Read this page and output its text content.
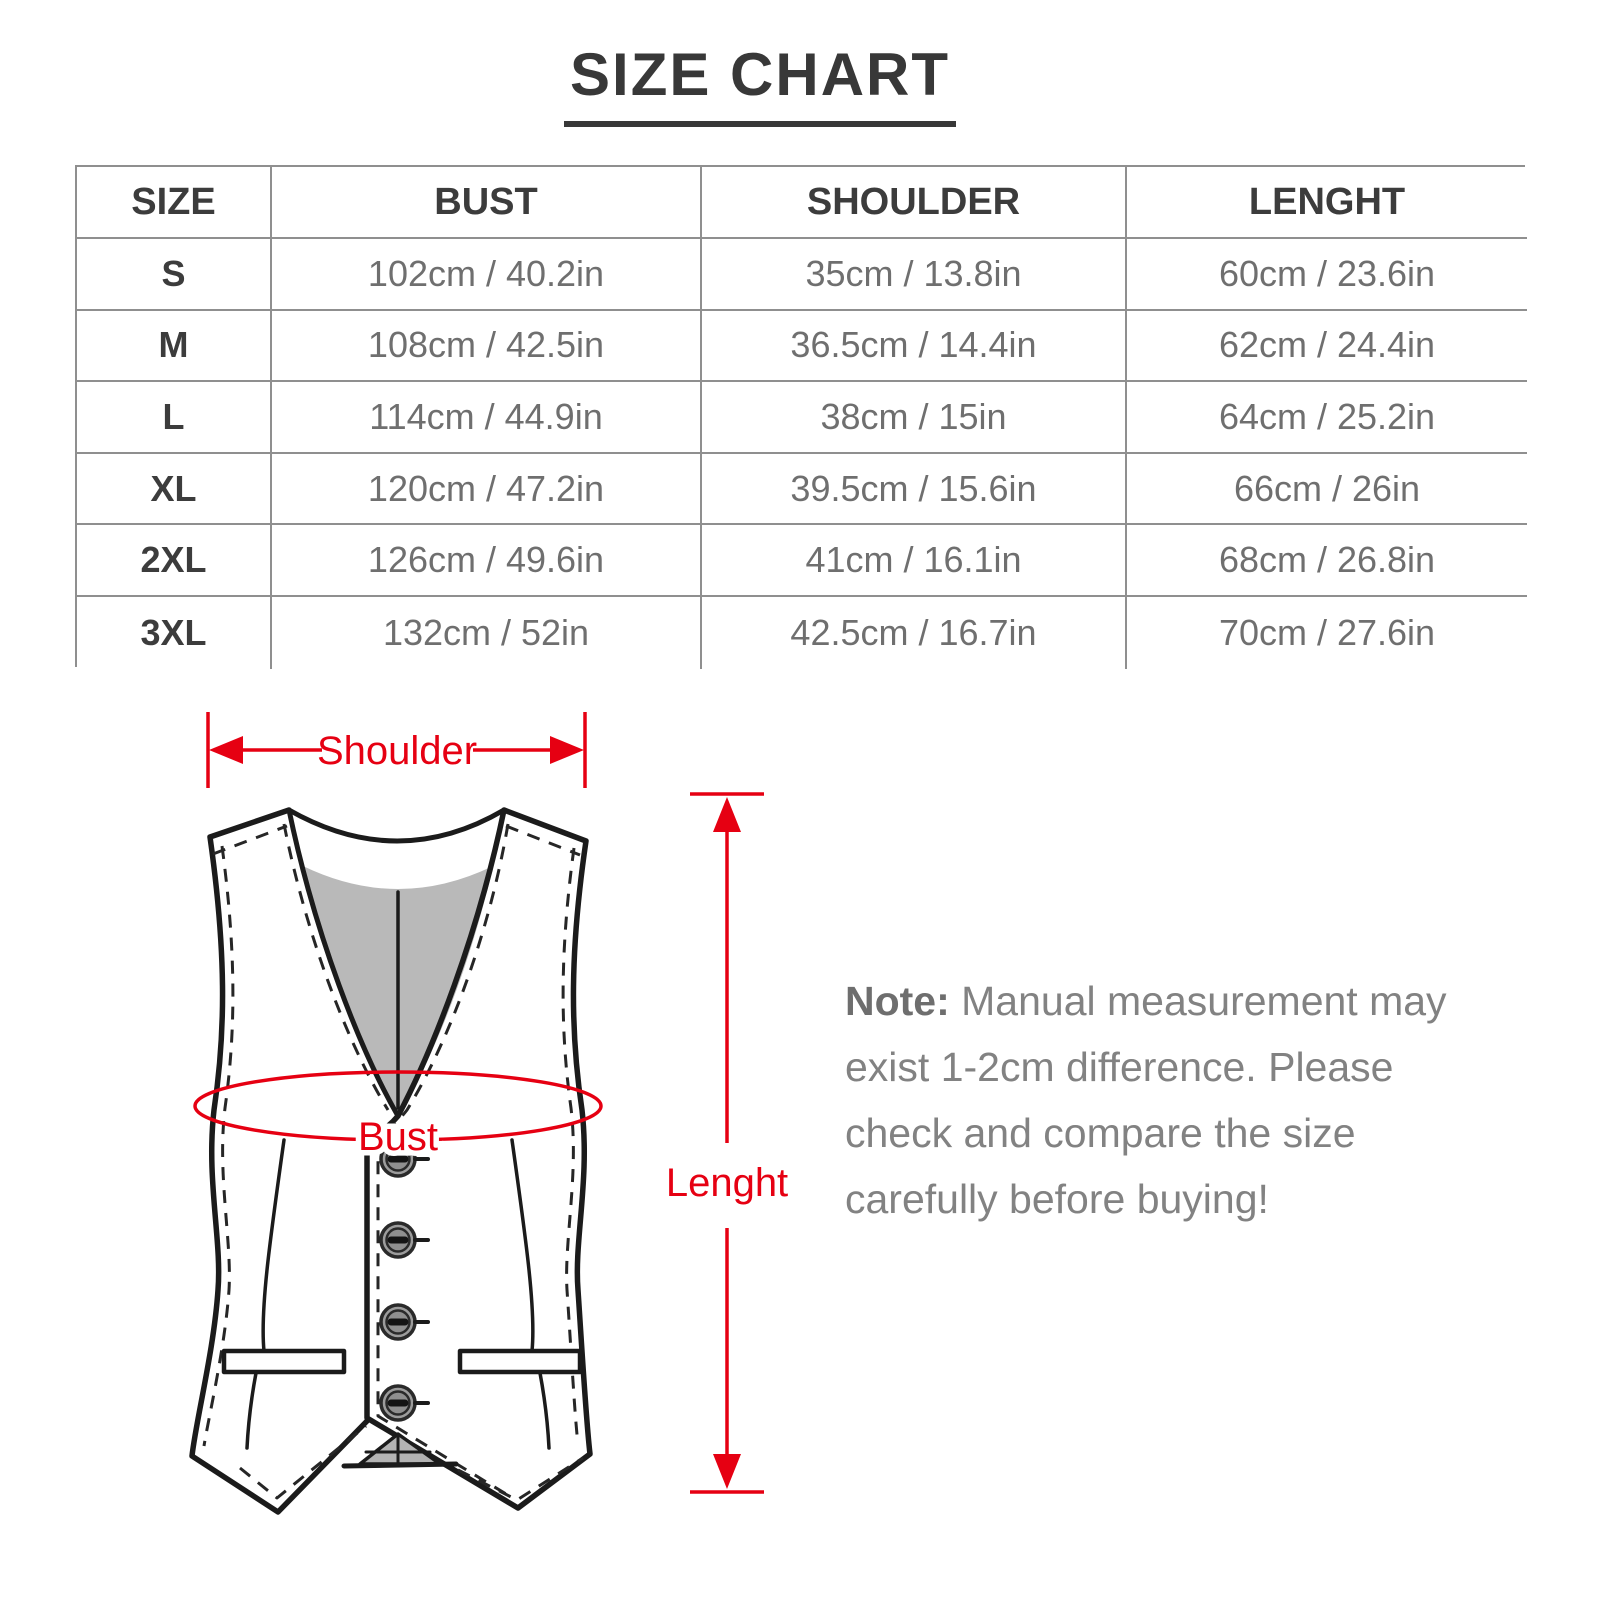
SIZE CHART
SIZE	BUST	SHOULDER	LENGHT
S	102cm / 40.2in	35cm / 13.8in	60cm / 23.6in
M	108cm / 42.5in	36.5cm / 14.4in	62cm / 24.4in
L	114cm / 44.9in	38cm / 15in	64cm / 25.2in
XL	120cm / 47.2in	39.5cm / 15.6in	66cm / 26in
2XL	126cm / 49.6in	41cm / 16.1in	68cm / 26.8in
3XL	132cm / 52in	42.5cm / 16.7in	70cm / 27.6in
Shoulder
Bust
Lenght
Note: Manual measurement may exist 1-2cm difference. Please check and compare the size carefully before buying!
